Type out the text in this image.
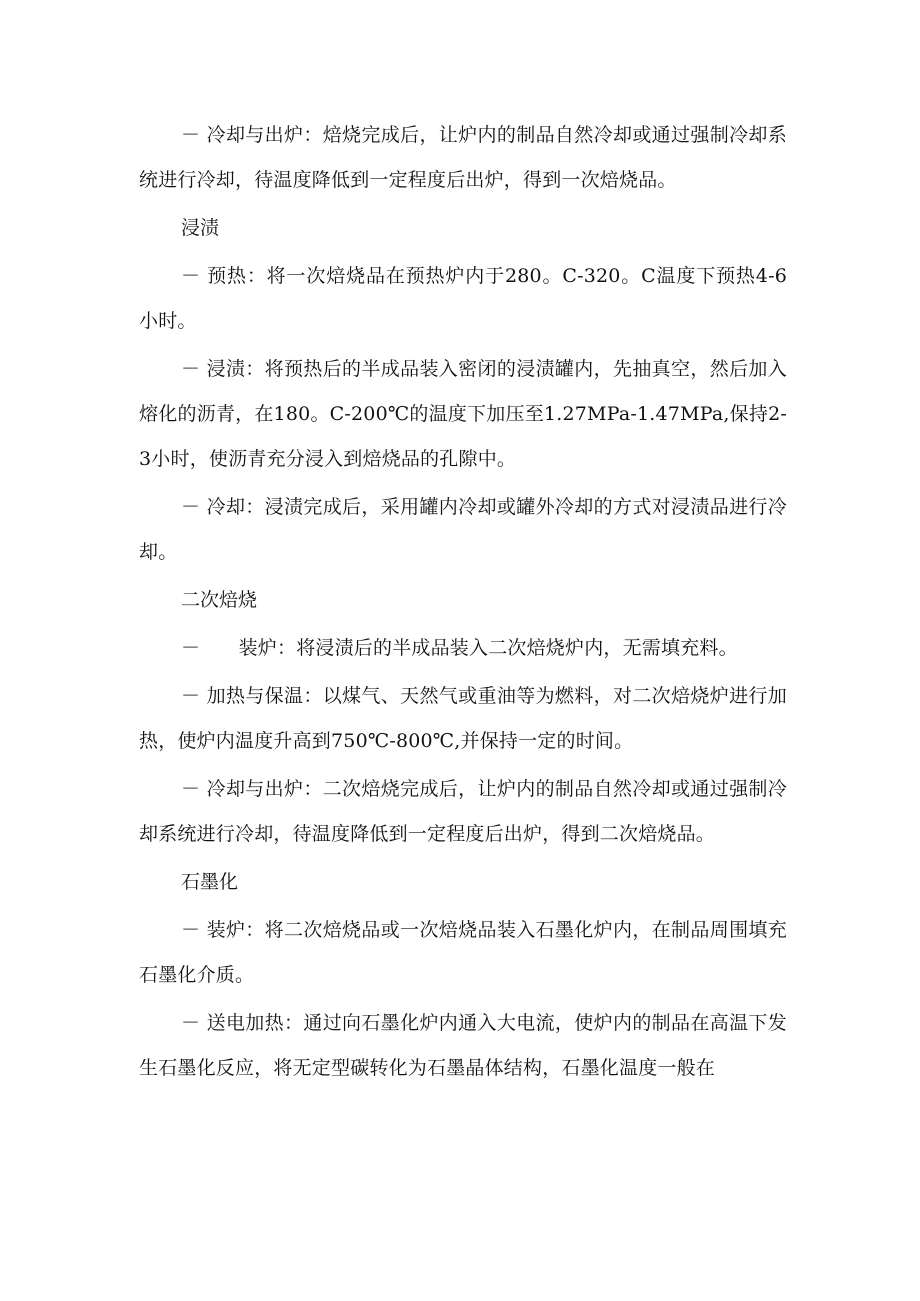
－ 冷却与出炉：焙烧完成后，让炉内的制品自然冷却或通过强制冷却系统进行冷却，待温度降低到一定程度后出炉，得到一次焙烧品。

浸渍

－ 预热：将一次焙烧品在预热炉内于280。C-320。C温度下预热4-6小时。

－ 浸渍：将预热后的半成品装入密闭的浸渍罐内，先抽真空，然后加入熔化的沥青，在180。C-200℃的温度下加压至1.27MPa-1.47MPa,保持2-3小时，使沥青充分浸入到焙烧品的孔隙中。

－ 冷却：浸渍完成后，采用罐内冷却或罐外冷却的方式对浸渍品进行冷却。

二次焙烧

－　　装炉：将浸渍后的半成品装入二次焙烧炉内，无需填充料。

－ 加热与保温：以煤气、天然气或重油等为燃料，对二次焙烧炉进行加热，使炉内温度升高到750℃-800℃,并保持一定的时间。

－ 冷却与出炉：二次焙烧完成后，让炉内的制品自然冷却或通过强制冷却系统进行冷却，待温度降低到一定程度后出炉，得到二次焙烧品。

石墨化

－ 装炉：将二次焙烧品或一次焙烧品装入石墨化炉内，在制品周围填充石墨化介质。

－ 送电加热：通过向石墨化炉内通入大电流，使炉内的制品在高温下发生石墨化反应，将无定型碳转化为石墨晶体结构，石墨化温度一般在
